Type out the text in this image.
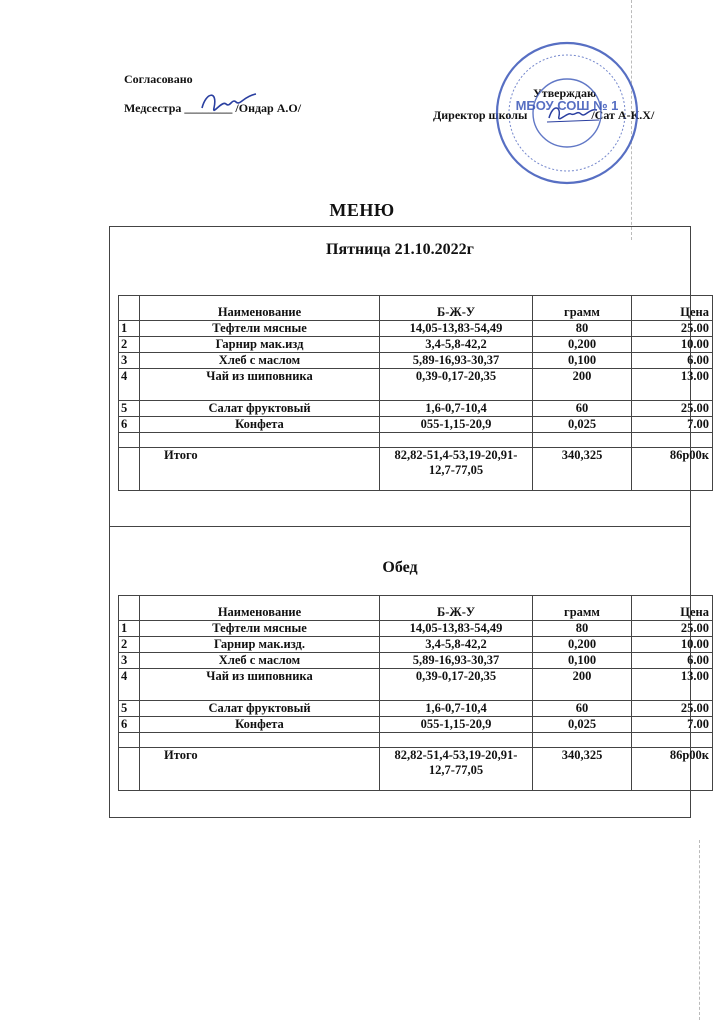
Согласовано
Медсестра ________ /Ондар А.О/
Утверждаю
Директор школы	/Сат А-К.Х/
МБОУ СОШ № 1
МЕНЮ
Пятница 21.10.2022г
Обед
	Наименование	Б-Ж-У	грамм	Цена
1	Тефтели мясные	14,05-13,83-54,49	80	25.00
2	Гарнир мак.изд	3,4-5,8-42,2	0,200	10.00
3	Хлеб с маслом	5,89-16,93-30,37	0,100	6.00
4	Чай из шиповника	0,39-0,17-20,35	200	13.00
5	Салат фруктовый	1,6-0,7-10,4	60	25.00
6	Конфета	055-1,15-20,9	0,025	7.00

	Итого	82,82-51,4-53,19-20,91-12,7-77,05	340,325	86р00к
	Наименование	Б-Ж-У	грамм	Цена
1	Тефтели мясные	14,05-13,83-54,49	80	25.00
2	Гарнир мак.изд.	3,4-5,8-42,2	0,200	10.00
3	Хлеб с маслом	5,89-16,93-30,37	0,100	6.00
4	Чай из шиповника	0,39-0,17-20,35	200	13.00
5	Салат фруктовый	1,6-0,7-10,4	60	25.00
6	Конфета	055-1,15-20,9	0,025	7.00

	Итого	82,82-51,4-53,19-20,91-12,7-77,05	340,325	86р00к
